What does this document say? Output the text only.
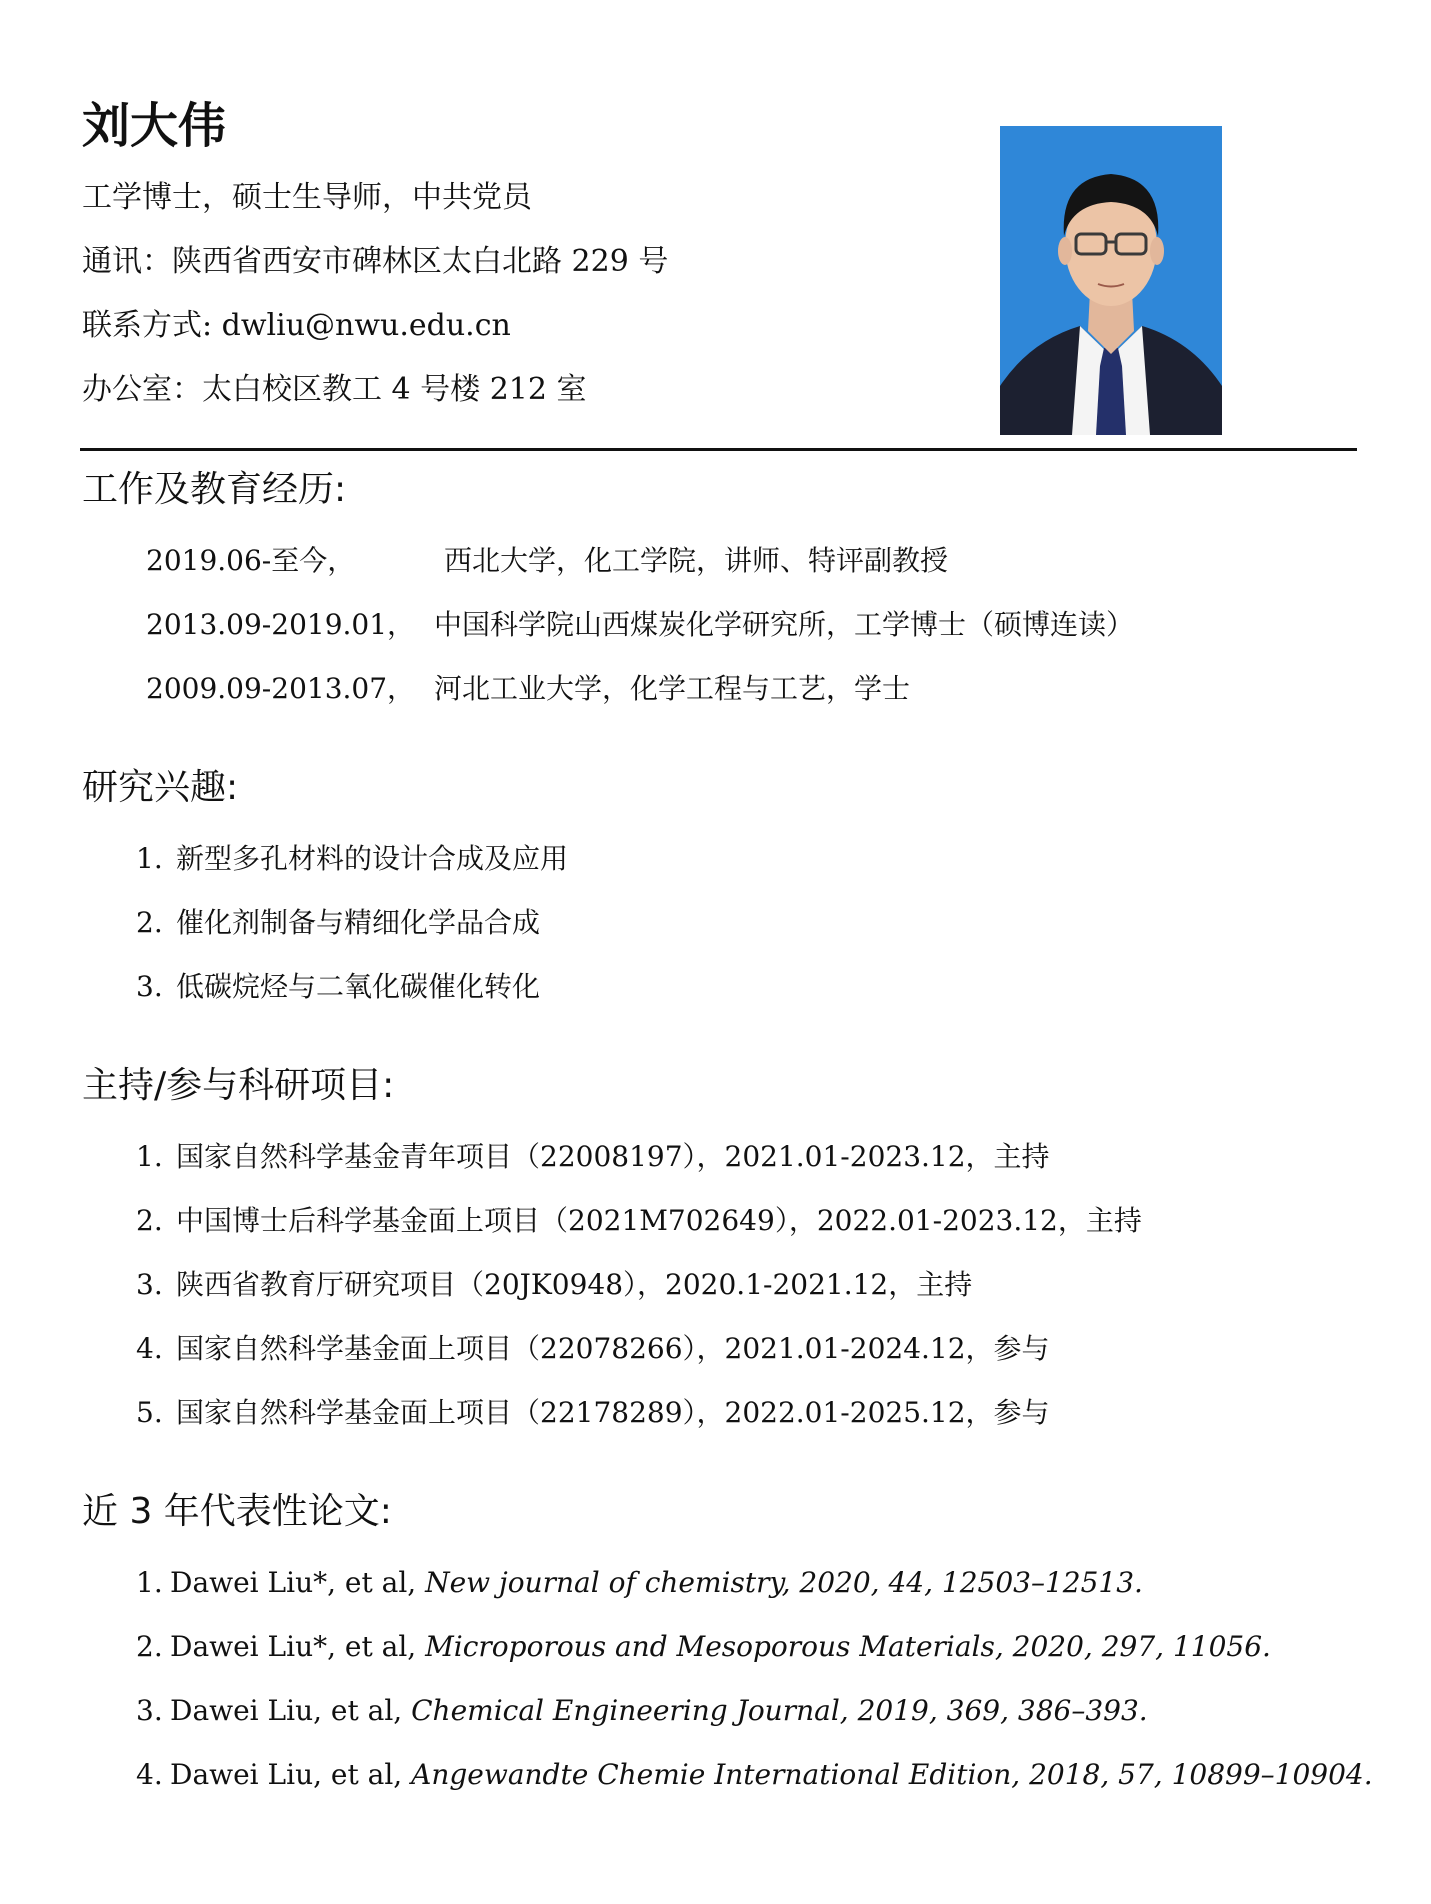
刘大伟
工学博士，硕士生导师，中共党员
通讯：陕西省西安市碑林区太白北路 229 号
联系方式: dwliu@nwu.edu.cn
办公室：太白校区教工 4 号楼 212 室
工作及教育经历:
2019.06-至今，	西北大学，化工学院，讲师、特评副教授
2013.09-2019.01， 中国科学院山西煤炭化学研究所，工学博士（硕博连读）
2009.09-2013.07， 河北工业大学，化学工程与工艺，学士
研究兴趣:
1. 新型多孔材料的设计合成及应用
2. 催化剂制备与精细化学品合成
3. 低碳烷烃与二氧化碳催化转化
主持/参与科研项目:
1. 国家自然科学基金青年项目（22008197），2021.01-2023.12，主持
2. 中国博士后科学基金面上项目（2021M702649），2022.01-2023.12，主持
3. 陕西省教育厅研究项目（20JK0948），2020.1-2021.12，主持
4. 国家自然科学基金面上项目（22078266），2021.01-2024.12，参与
5. 国家自然科学基金面上项目（22178289），2022.01-2025.12，参与
近 3 年代表性论文:
1. Dawei Liu*, et al, New journal of chemistry, 2020, 44, 12503–12513.
2. Dawei Liu*, et al, Microporous and Mesoporous Materials, 2020, 297, 11056.
3. Dawei Liu, et al, Chemical Engineering Journal, 2019, 369, 386–393.
4. Dawei Liu, et al, Angewandte Chemie International Edition, 2018, 57, 10899–10904.
